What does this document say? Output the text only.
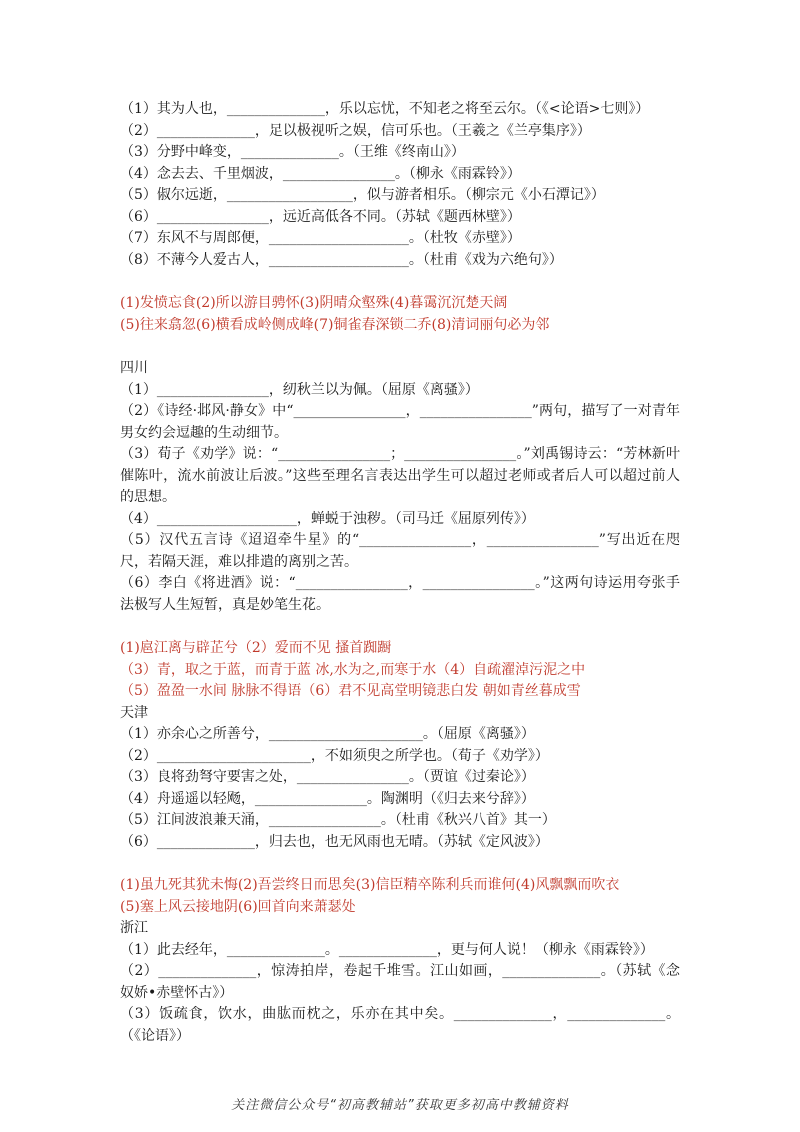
（1）其为人也，______________，乐以忘忧，不知老之将至云尔。（《<论语>七则》）
（2）______________，足以极视听之娱，信可乐也。（王羲之《兰亭集序》）
（3）分野中峰变，______________。（王维《终南山》）
（4）念去去、千里烟波，________________。（柳永《雨霖铃》）
（5）俶尔远逝，__________________，似与游者相乐。（柳宗元《小石潭记》）
（6）________________，远近高低各不同。（苏轼《题西林壁》）
（7）东风不与周郎便，____________________。（杜牧《赤壁》）
（8）不薄今人爱古人，____________________。（杜甫《戏为六绝句》）
(1)发愤忘食(2)所以游目骋怀(3)阴晴众壑殊(4)暮霭沉沉楚天阔
(5)往来翕忽(6)横看成岭侧成峰(7)铜雀春深锁二乔(8)清词丽句必为邻
四川
（1）________________，纫秋兰以为佩。（屈原《离骚》）
（2）《诗经·邶风·静女》中“________________，________________”两句，描写了一对青年男女约会逗趣的生动细节。
（3）荀子《劝学》说：“________________；________________。”刘禹锡诗云：“芳林新叶催陈叶，流水前波让后波。”这些至理名言表达出学生可以超过老师或者后人可以超过前人的思想。
（4）____________________，蝉蜕于浊秽。（司马迁《屈原列传》）
（5）汉代五言诗《迢迢牵牛星》的“________________，________________”写出近在咫尺，若隔天涯，难以排遣的离别之苦。
（6）李白《将进酒》说：“________________，________________。”这两句诗运用夸张手法极写人生短暂，真是妙笔生花。
(1)扈江离与辟芷兮（2）爱而不见 搔首踟蹰
（3）青，取之于蓝，而青于蓝 冰,水为之,而寒于水（4）自疏濯淖污泥之中
（5）盈盈一水间 脉脉不得语（6）君不见高堂明镜悲白发 朝如青丝暮成雪
天津
（1）亦余心之所善兮，______________________。（屈原《离骚》）
（2）______________________，不如须臾之所学也。（荀子《劝学》）
（3）良将劲弩守要害之处，________________。（贾谊《过秦论》）
（4）舟遥遥以轻飏，________________。陶渊明（《归去来兮辞》）
（5）江间波浪兼天涌，________________。（杜甫《秋兴八首》其一）
（6）______________，归去也，也无风雨也无晴。（苏轼《定风波》）
(1)虽九死其犹未悔(2)吾尝终日而思矣(3)信臣精卒陈利兵而谁何(4)风飘飘而吹衣
(5)塞上风云接地阴(6)回首向来萧瑟处
浙江
（1）此去经年，______________。______________，更与何人说！（柳永《雨霖铃》）
（2）______________，惊涛拍岸，卷起千堆雪。江山如画，______________。（苏轼《念奴娇•赤壁怀古》）
（3）饭疏食，饮水，曲肱而枕之，乐亦在其中矣。______________，______________。（《论语》）
关注微信公众号“初高教辅站”获取更多初高中教辅资料
